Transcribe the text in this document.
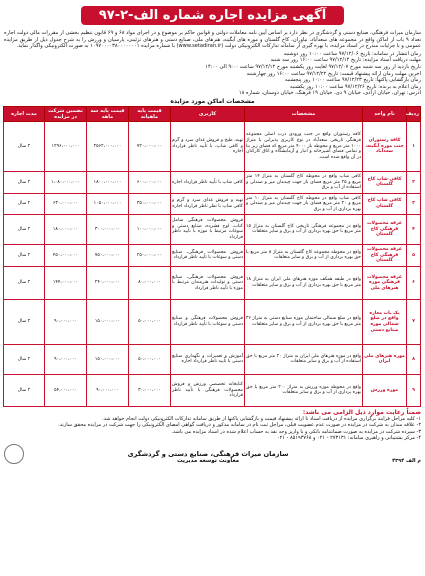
آگهی مزایده اجاره شماره الف-۲-۹۷

سازمان میراث فرهنگی، صنایع دستی و گردشگری در نظر دارد بر اساس آیین نامه معاملات دولتی و قوانین حاکم بر موضوع و در اجرای مواد ۶۸ و ۶۹ قانون تنظیم بخشی از مقررات مالی دولت اجاره تعداد ۹ باب از اماکن واقع در مجموعه های سعدآباد، نیاوران، کاخ گلستان و موزه های آبگینه، هنرهای ملی، صنایع دستی و هنرهای تزئینی، پارسیان و ورزش را به شرح جدول ذیل از طریق مزایده عمومی و با جزئیات مندرج در اسناد مزایده، با بهره گیری از سامانه تدارکات الکترونیکی دولت (www.setadiran.ir) با شماره مزایده ۱۰۹۷۰۰۰۰۳۸۰۰۰۰۰۰۰۱ به صورت الکترونیکی واگذار نماید.

زمان انتشار در سامانه: تاریخ ۹۷/۱۲/۰۶ ساعت ۱۰:۰۰ روز دوشنبه
مهلت دریافت اسناد مزایده: تاریخ ۹۷/۱۲/۱۴ ساعت ۱۶:۰۰ روز سه شنبه
تاریخ بازدید از روز سه شنبه مورخ ۹۷/۱۲/۰۷ لغایت روز یکشنبه مورخ ۹۷/۱۲/۱۲ ساعت ۹:۰۰ الی ۱۴:۰۰
آخرین مهلت زمان ارائه پیشنهاد قیمت: تاریخ ۹۷/۱۲/۲۲ ساعت ۱۶:۰۰ روز چهارشنبه
زمان بازگشایی پاکتها: تاریخ ۹۷/۱۲/۲۳ ساعت ۱۰:۰۰ روز پنجشنبه
زمان اعلام به برنده: تاریخ ۹۷/۱۲/۲۶ ساعت ۱۰:۰۰ روز یکشنبه
آدرس: تهران، خیابان آزادی، خیابان ۹ دی، خیابان ۱۹ فرهنگ، خیابان دوستان، شماره ۱۸
مشخصات اماکن مورد مزایده
ردیف	نام واحد	مشخصات	کاربری	قیمت پایه ماهیانه	قیمت پایه سه ماهه	تضمین شرکت در مزایده	مدت اجاره
۱	کافه رستوران جنب موزه آبگینه، سعدآباد	کافه رستوران واقع در جنب ورودی درب اصلی مجموعه فرهنگی تاریخی سعدآباد در نوع کاربری پذیرایی با متراژ ۱۰۰۰ متر مربع و محوطه باز ۴۰۰۰ متر مربع که فضای زیر بنا و تمامی فضای آشپزخانه و انبار و آزمایشگاه و اتاق کارکنان در آن واقع شده است.	تهیه، طبخ و فروش غذای سرد و گرم و کافی شاپ، با تأیید ناظر قرارداد اجاره	۷۲۰،۰۰۰،۰۰۰	۲۵۶۲،۰۰۰،۰۰۰	۱۲۹۶،۰۰۰،۰۰۰	۲ سال
۲	کافی شاپ کاخ گلستان	کافی شاپ واقع در محوطه کاخ گلستان به متراژ ۱۴ متر مربع و ۲۵ متر مربع فضای باز جهت چیدمان میز و صندلی و استفاده از آب و برق	کافی شاپ با تأیید ناظر قرارداد اجاره	۶۰۰،۰۰۰،۰۰۰	۱۸۰۰،۰۰۰،۰۰۰	۱،۰۸۰،۰۰۰،۰۰۰	۲ سال
۳	کافی شاپ کاخ گلستان	کافی شاپ واقع در محوطه کاخ گلستان به متراژ ۱۰ متر مربع و ۲۰ متر مربع فضای باز جهت چیدمان میز و صندلی و بهره برداری از آب و برق	تهیه و فروش غذای سرد و گرم و کافی شاپ با نظر ناظر قرارداد اجاره	۳۵۰،۰۰۰،۰۰۰	۱۰۵۰،۰۰۰،۰۰۰	۶۳۰،۰۰۰،۰۰۰	۲ سال
۴	غرفه محصولات فرهنگی کاخ گلستان	واقع در مجموعه فرهنگی تاریخی کاخ گلستان به متراژ ۱۵ متر مربع با حق بهره برداری از آب و برق و سایر متعلقات	فروش محصولات فرهنگی شامل کتاب، لوح فشرده، صنایع دستی و سوغات مرتبط با موزه با تأیید ناظر قرارداد	۱۰۰،۰۰۰،۰۰۰	۳۰۰،۰۰۰،۰۰۰	۱۸۰،۰۰۰،۰۰۰	۲ سال
۵	غرفه محصولات فرهنگی کاخ گلستان	واقع در محوطه مجموعه کاخ گلستان به متراژ ۸ متر مربع با حق بهره برداری از آب و برق و سایر متعلقات	فروش محصولات فرهنگی، صنایع دستی و سوغات با تأیید ناظر قرارداد	۲۵۰،۰۰۰،۰۰۰	۷۵۰،۰۰۰،۰۰۰	۴۵۰،۰۰۰،۰۰۰	۲ سال
۶	غرفه محصولات فرهنگی موزه هنرهای ملی	واقع در طبقه همکف موزه هنرهای ملی ایران به متراژ ۱۸ متر مربع با حق بهره برداری از آب و برق و سایر متعلقات	فروش محصولات فرهنگی، صنایع دستی و تولیدات هنرمندان مرتبط با موزه با تأیید ناظر قرارداد	۸۰،۰۰۰،۰۰۰	۲۴۰،۰۰۰،۰۰۰	۱۴۴،۰۰۰،۰۰۰	۲ سال
۷	یک باب مغازه واقع در ضلع شمالی موزه صنایع دستی	واقع در ضلع شمالی ساختمان موزه صنایع دستی به متراژ ۳۶ متر مربع با حق بهره برداری از آب و برق و سایر متعلقات	فروش محصولات فرهنگی و صنایع دستی و سوغات با تأیید ناظر قرارداد	۵۰،۰۰۰،۰۰۰	۱۵۰،۰۰۰،۰۰۰	۹۰،۰۰۰،۰۰۰	۲ سال
۸	موزه هنرهای ملی ایران	واقع در موزه هنرهای ملی ایران به متراژ ۲۰ متر مربع با حق استفاده از آب و برق و سایر متعلقات	آموزش و تعمیرات و نگهداری صنایع دستی با تأیید ناظر قرارداد اجاره	۵۰،۰۰۰،۰۰۰	۱۵۰،۰۰۰،۰۰۰	۹۰،۰۰۰،۰۰۰	۲ سال
۹	موزه ورزش	واقع در محوطه موزه ورزش به متراژ ۲۰۰ متر مربع با حق بهره برداری از آب و برق و سایر متعلقات	کتابخانه تخصصی ورزش و فروش محصولات فرهنگی با تأیید ناظر قرارداد	۳۰،۰۰۰،۰۰۰	۹۰،۰۰۰،۰۰۰	۵۴،۰۰۰،۰۰۰	۲ سال
ضمناً رعایت موارد ذیل الزامی می باشد:
۱- کلیه مراحل فرایند برگزاری مزایده از دریافت اسناد تا ارائه پیشنهاد قیمت و بازگشایی پاکتها از طریق سامانه تدارکات الکترونیکی دولت انجام خواهد شد.
۲- علاقه مندان به شرکت در مزایده در صورت عدم عضویت قبلی، مراحل ثبت نام در سامانه مذکور و دریافت گواهی امضای الکترونیکی را جهت شرکت در مزایده محقق سازند.
۳- سپرده شرکت در مزایده به صورت ضمانتنامه بانکی و یا واریز وجه نقد به حساب اعلام شده در اسناد مزایده می باشد.
۴- مرکز پشتیبانی و راهبری سامانه: ۲۷۳۱۳۱ - ۰۲۱ و ۸۵۱۹۳۷۶۸ - ۰۲۱
م الف ۴۳۹۴
سازمان میراث فرهنگی، صنایع دستی و گردشگری
معاونت توسعه مدیریت
